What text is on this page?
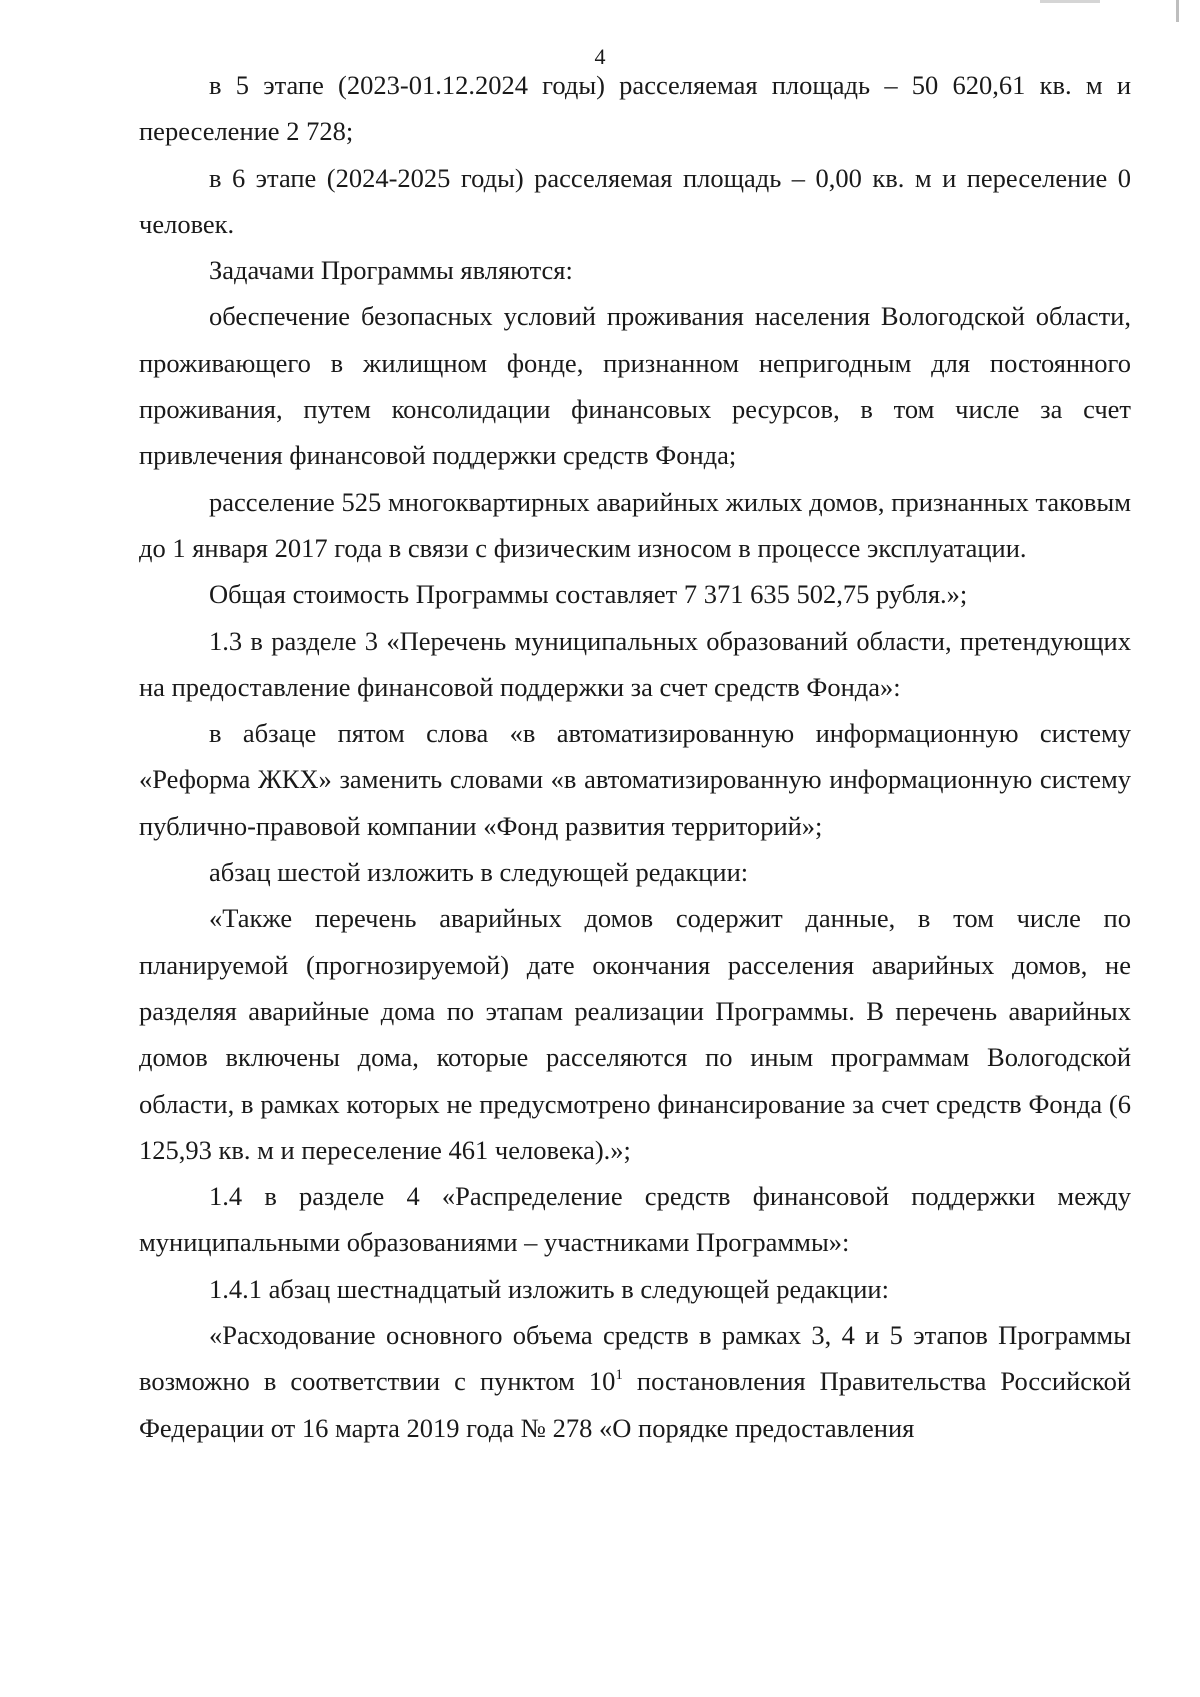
4

в 5 этапе (2023-01.12.2024 годы) расселяемая площадь – 50 620,61 кв. м и переселение 2 728;

в 6 этапе (2024-2025 годы) расселяемая площадь – 0,00 кв. м и переселение 0 человек.

Задачами Программы являются:

обеспечение безопасных условий проживания населения Вологодской области, проживающего в жилищном фонде, признанном непригодным для постоянного проживания, путем консолидации финансовых ресурсов, в том числе за счет привлечения финансовой поддержки средств Фонда;

расселение 525 многоквартирных аварийных жилых домов, признанных таковым до 1 января 2017 года в связи с физическим износом в процессе эксплуатации.

Общая стоимость Программы составляет 7 371 635 502,75 рубля.»;

1.3 в разделе 3 «Перечень муниципальных образований области, претендующих на предоставление финансовой поддержки за счет средств Фонда»:

в абзаце пятом слова «в автоматизированную информационную систему «Реформа ЖКХ» заменить словами «в автоматизированную информационную систему публично-правовой компании «Фонд развития территорий»;

абзац шестой изложить в следующей редакции:

«Также перечень аварийных домов содержит данные, в том числе по планируемой (прогнозируемой) дате окончания расселения аварийных домов, не разделяя аварийные дома по этапам реализации Программы. В перечень аварийных домов включены дома, которые расселяются по иным программам Вологодской области, в рамках которых не предусмотрено финансирование за счет средств Фонда (6 125,93 кв. м и переселение 461 человека).»;

1.4 в разделе 4 «Распределение средств финансовой поддержки между муниципальными образованиями – участниками Программы»:

1.4.1 абзац шестнадцатый изложить в следующей редакции:

«Расходование основного объема средств в рамках 3, 4 и 5 этапов Программы возможно в соответствии с пунктом $10^1$ постановления Правительства Российской Федерации от 16 марта 2019 года № 278 «О порядке предоставления
